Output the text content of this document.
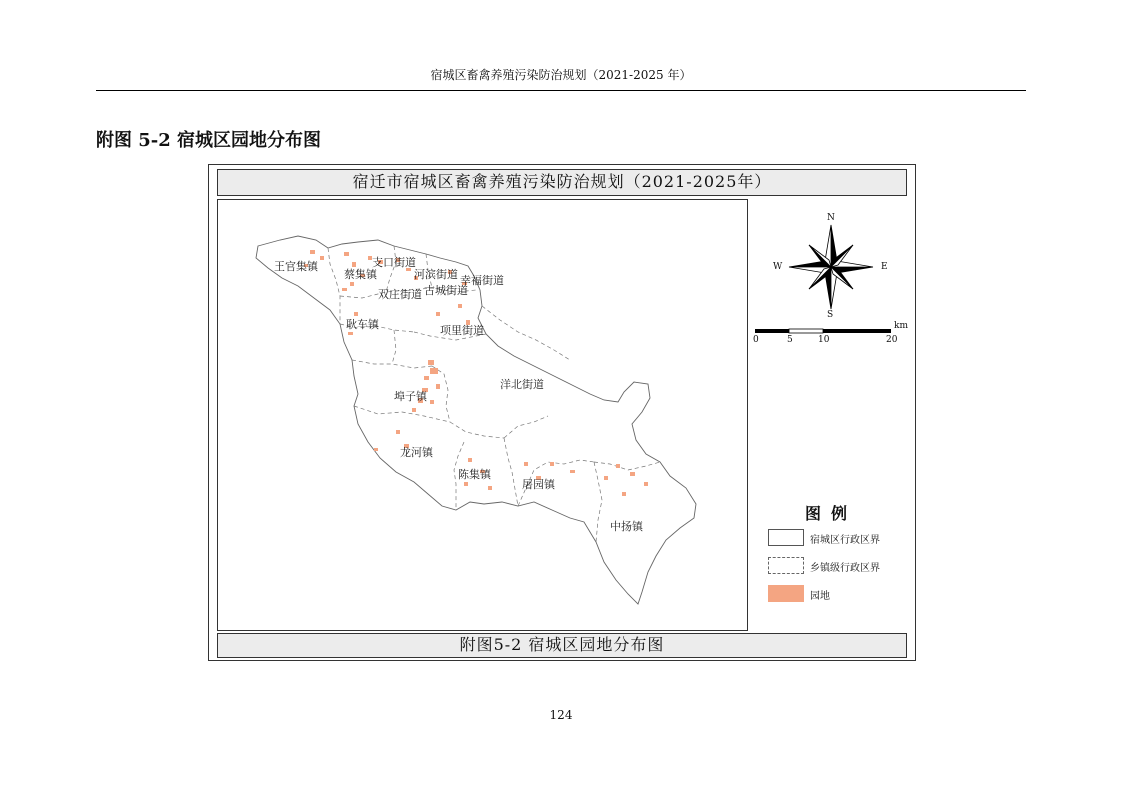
宿城区畜禽养殖污染防治规划（2021-2025 年）
附图 5-2 宿城区园地分布图
宿迁市宿城区畜禽养殖污染防治规划（2021-2025年）
王官集镇
蔡集镇
支口街道
河滨街道 幸福街道
双庄街道 古城街道
耿车镇	项里街道
洋北街道
埠子镇
龙河镇
陈集镇
屠园镇
中扬镇
N
S
E
W
0	5	10	20
km
图例
宿城区行政区界
乡镇级行政区界
园地
附图5-2 宿城区园地分布图
124
